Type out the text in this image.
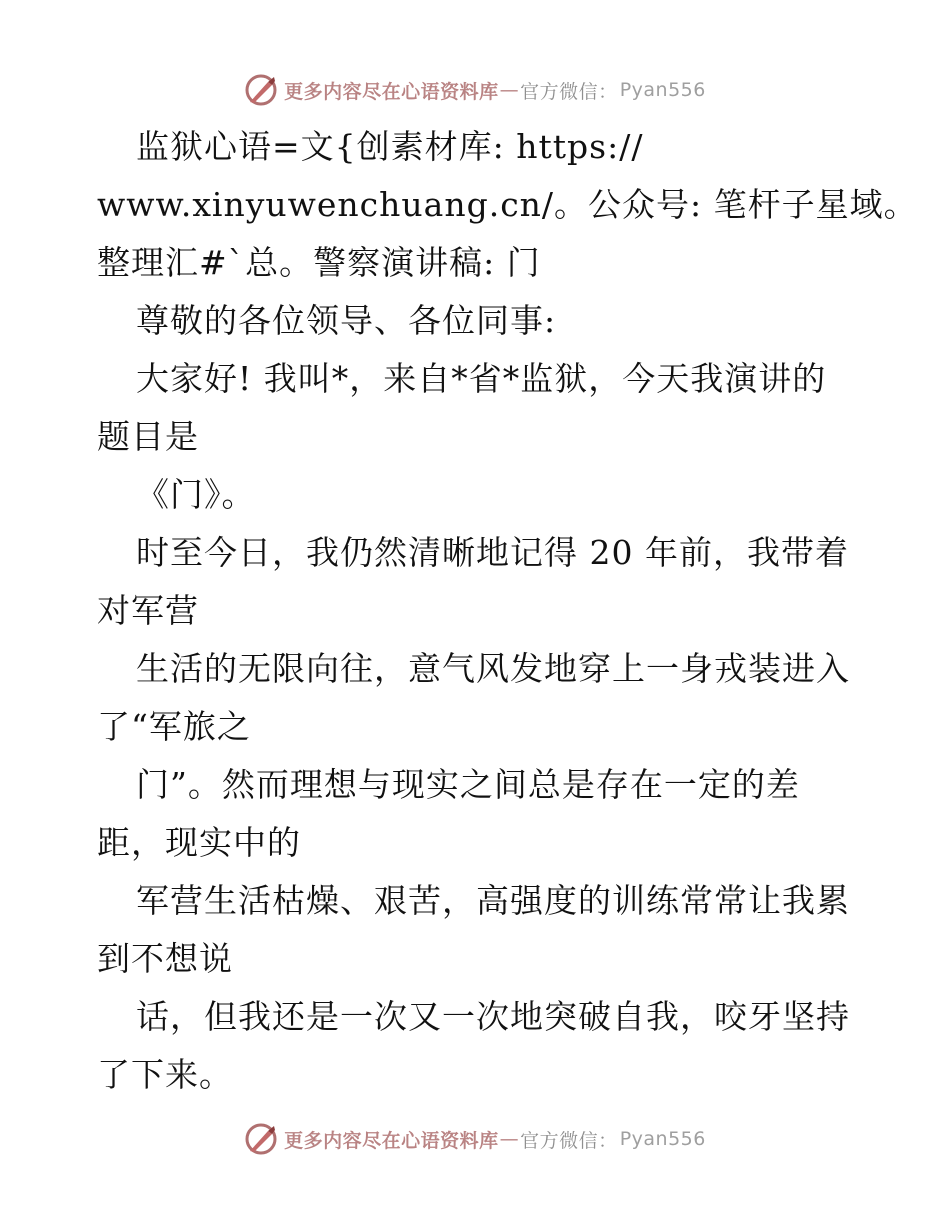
更多内容尽在心语资料库 — 官方微信： Pyan556
监狱心语=文{创素材库: https://
www.xinyuwenchuang.cn/。公众号: 笔杆子星域。
整理汇#`总。警察演讲稿: 门
尊敬的各位领导、各位同事:
大家好! 我叫*，来自*省*监狱，今天我演讲的
题目是
《门》。
时至今日，我仍然清晰地记得 20 年前，我带着
对军营
生活的无限向往，意气风发地穿上一身戎装进入
了“军旅之
门”。然而理想与现实之间总是存在一定的差
距，现实中的
军营生活枯燥、艰苦，高强度的训练常常让我累
到不想说
话，但我还是一次又一次地突破自我，咬牙坚持
了下来。
更多内容尽在心语资料库 — 官方微信： Pyan556
